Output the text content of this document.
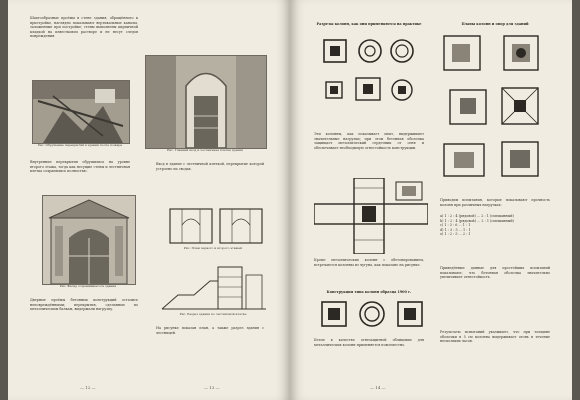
Шахтообразные проёмы в стене здания, обращённого к пристройке, наглядно показывают вертикальные каналы, заложенные при постройке; стены выполнены кирпичной кладкой на известковом растворе и не несут следов повреждения.
Рис. Обрушение перекрытий в здании после пожара
Рис. Главный вход и лестничная клетка здания
Внутренние перекрытия обрушились на уровне второго этажа, тогда как несущие стены и лестничная клетка сохранились полностью.
Вход в здание с лестничной клеткой, перекрытие которой устроено на сводах.
Рис. Фасад сохранившегося здания
Рис. План первого и второго этажей
Рис. Разрез здания по лестничной клетке
Дверные проёмы бетонных конструкций остались неповреждёнными; перекрытия, сделанные по металлическим балкам, выдержали нагрузку.
На рисунке показан план, а также разрез здания с лестницей.
— 12 —	— 13 —
Разрезы колонн, как они применяются на практике	Планы колонн и опор для зданий
Эти колонны, как показывает опыт, выдерживают значительные нагрузки; при этом бетонная оболочка защищает металлический сердечник от огня и обеспечивает необходимую огнестойкость конструкции.
Кроме металлических колонн с обетонированием, встречаются колонны из чугуна, как показано на рисунке.
Конструкция типа колонн образца 1900 г.
Бетон в качестве огнезащитной облицовки для металлических колонн применяется повсеместно.
Приводим испытания, которые показывают прочность колонн при различных нагрузках:
a) 1 : 2 : 4 (рядовой) ... 2 : 1 (смешанный)
b) 1 : 2 : 4 (рядовой) ... 2 : 1 (смешанный)
c) 1 : 3 : 6 ... 1 : 1
d) 1 : 3 : 5 ... 1 : 1
e) 1 : 2 : 5 ... 2 : 1
Приведённые данные для простейших испытаний показывают, что бетонная оболочка значительно увеличивает огнестойкость.
Результаты испытаний указывают, что при толщине оболочки в 5 см колонна выдерживает огонь в течение нескольких часов.
— 14 —
